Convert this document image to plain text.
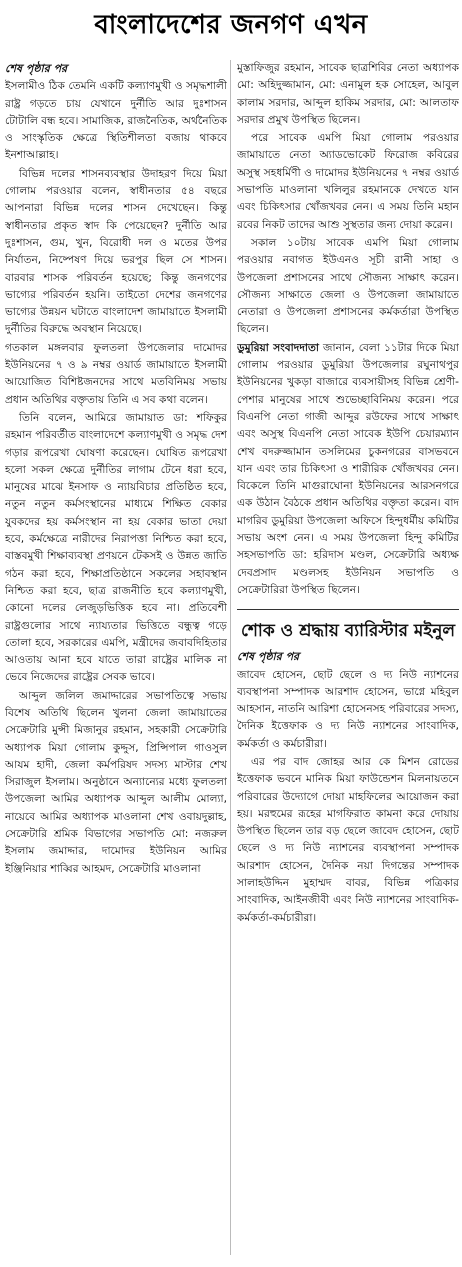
বাংলাদেশের জনগণ এখন
শেষ পৃষ্ঠার পর

ইসলামীও ঠিক তেমনি একটি কল্যাণমুখী ও সমৃদ্ধশালী রাষ্ট্র গড়তে চায় যেখানে দুর্নীতি আর দুঃশাসন টোটালি বন্ধ হবে। সামাজিক, রাজনৈতিক, অর্থনৈতিক ও সাংস্কৃতিক ক্ষেত্রে স্থিতিশীলতা বজায় থাকবে ইনশাআল্লাহ।

বিভিন্ন দলের শাসনব্যবস্থার উদাহরণ দিয়ে মিয়া গোলাম পরওয়ার বলেন, স্বাধীনতার ৫৪ বছরে আপনারা বিভিন্ন দলের শাসন দেখেছেন। কিন্তু স্বাধীনতার প্রকৃত স্বাদ কি পেয়েছেন? দুর্নীতি আর দুঃশাসন, গুম, খুন, বিরোধী দল ও মতের উপর নির্যাতন, নিষ্পেষণ দিয়ে ভরপুর ছিল সে শাসন। বারবার শাসক পরিবর্তন হয়েছে; কিন্তু জনগণের ভাগ্যের পরিবর্তন হয়নি। তাইতো দেশের জনগণের ভাগ্যের উন্নয়ন ঘটাতে বাংলাদেশ জামায়াতে ইসলামী দুর্নীতির বিরুদ্ধে অবস্থান নিয়েছে।

গতকাল মঙ্গলবার ফুলতলা উপজেলার দামোদর ইউনিয়নের ৭ ও ৯ নম্বর ওয়ার্ড জামায়াতে ইসলামী আয়োজিত বিশিষ্টজনদের সাথে মতবিনিময় সভায় প্রধান অতিথির বক্তৃতায় তিনি এ সব কথা বলেন।

তিনি বলেন, আমিরে জামায়াত ডা: শফিকুর রহমান পরিবর্তীত বাংলাদেশে কল্যাণমুখী ও সমৃদ্ধ দেশ গড়ার রূপরেখা ঘোষণা করেছেন। ঘোষিত রূপরেখা হলো সকল ক্ষেত্রে দুর্নীতির লাগাম টেনে ধরা হবে, মানুষের মাঝে ইনসাফ ও ন্যায়বিচার প্রতিষ্ঠিত হবে, নতুন নতুন কর্মসংস্থানের মাধ্যমে শিক্ষিত বেকার যুবকদের হয় কর্মসংস্থান না হয় বেকার ভাতা দেয়া হবে, কর্মক্ষেত্রে নারীদের নিরাপত্তা নিশ্চিত করা হবে, বাস্তবমুখী শিক্ষাব্যবস্থা প্রণয়নে টেকসই ও উন্নত জাতি গঠন করা হবে, শিক্ষাপ্রতিষ্ঠানে সকলের সহাবস্থান নিশ্চিত করা হবে, ছাত্র রাজনীতি হবে কল্যাণমুখী, কোনো দলের লেজুড়ভিত্তিক হবে না। প্রতিবেশী রাষ্ট্রগুলোর সাথে ন্যায্যতার ভিত্তিতে বন্ধুত্ব গড়ে তোলা হবে, সরকারের এমপি, মন্ত্রীদের জবাবদিহিতার আওতায় আনা হবে যাতে তারা রাষ্ট্রের মালিক না ভেবে নিজেদের রাষ্ট্রের সেবক ভাবে।

আব্দুল জলিল জমাদ্দারের সভাপতিত্বে সভায় বিশেষ অতিথি ছিলেন খুলনা জেলা জামায়াতের সেক্রেটারি মুন্সী মিজানুর রহমান, সহকারী সেক্রেটারি অধ্যাপক মিয়া গোলাম কুদ্দুস, প্রিন্সিপাল গাওসুল আযম হাদী, জেলা কর্মপরিষদ সদস্য মাস্টার শেখ সিরাজুল ইসলাম। অনুষ্ঠানে অন্যান্যের মধ্যে ফুলতলা উপজেলা আমির অধ্যাপক আব্দুল আলীম মোল্যা, নায়েবে আমির অধ্যাপক মাওলানা শেখ ওবায়দুল্লাহ, সেক্রেটারি শ্রমিক বিভাগের সভাপতি মো: নজরুল ইসলাম জমাদ্দার, দামোদর ইউনিয়ন আমির ইঞ্জিনিয়ার শাব্বির আহমদ, সেক্রেটারি মাওলানা

মুস্তাফিজুর রহমান, সাবেক ছাত্রশিবির নেতা অধ্যাপক মো: অহিদুজ্জামান, মো: এনামুল হক সোহেল, আবুল কালাম সরদার, আব্দুল হাকিম সরদার, মো: আলতাফ সরদার প্রমুখ উপস্থিত ছিলেন।

পরে সাবেক এমপি মিয়া গোলাম পরওয়ার জামায়াতে নেতা অ্যাডভোকেট ফিরোজ কবিরের অসুস্থ সহধর্মিণী ও দামোদর ইউনিয়নের ৭ নম্বর ওয়ার্ড সভাপতি মাওলানা খলিলুর রহমানকে দেখতে যান এবং চিকিৎসার খোঁজখবর নেন। এ সময় তিনি মহান রবের নিকট তাদের আশু সুস্থতার জন্য দোয়া করেন।

সকাল ১০টায় সাবেক এমপি মিয়া গোলাম পরওয়ার নবাগত ইউএনও সূচী রানী সাহা ও উপজেলা প্রশাসনের সাথে সৌজন্য সাক্ষাৎ করেন। সৌজন্য সাক্ষাতে জেলা ও উপজেলা জামায়াতে নেতারা ও উপজেলা প্রশাসনের কর্মকর্তারা উপস্থিত ছিলেন।

ডুমুরিয়া সংবাদদাতা জানান, বেলা ১১টার দিকে মিয়া গোলাম পরওয়ার ডুমুরিয়া উপজেলার রঘুনাথপুর ইউনিয়নের খুকড়া বাজারে ব্যবসায়ীসহ বিভিন্ন শ্রেণী-পেশার মানুষের সাথে শুভেচ্ছাবিনিময় করেন। পরে বিএনপি নেতা গাজী আব্দুর রউফের সাথে সাক্ষাৎ এবং অসুস্থ বিএনপি নেতা সাবেক ইউপি চেয়ারম্যান শেখ বদরুজ্জামান তসলিমের চুকনগরের বাসভবনে যান এবং তার চিকিৎসা ও শারীরিক খোঁজখবর নেন। বিকেলে তিনি মাগুরাঘোনা ইউনিয়নের আরসনগরে এক উঠান বৈঠকে প্রধান অতিথির বক্তৃতা করেন। বাদ মাগরিব ডুমুরিয়া উপজেলা অফিসে হিন্দুধর্মীয় কমিটির সভায় অংশ নেন। এ সময় উপজেলা হিন্দু কমিটির সহসভাপতি ডা: হরিদাস মণ্ডল, সেক্রেটারি অধ্যক্ষ দেবপ্রসাদ মণ্ডলসহ ইউনিয়ন সভাপতি ও সেক্রেটারিরা উপস্থিত ছিলেন।

শোক ও শ্রদ্ধায় ব্যারিস্টার মইনুল
শেষ পৃষ্ঠার পর

জাবেদ হোসেন, ছোট ছেলে ও দ্য নিউ ন্যাশনের ব্যবস্থাপনা সম্পাদক আরশাদ হোসেন, ভাগ্নে মহিবুল আহসান, নাতনি আরিশা হোসেনসহ পরিবারের সদস্য, দৈনিক ইত্তেফাক ও দ্য নিউ ন্যাশনের সাংবাদিক, কর্মকর্তা ও কর্মচারীরা।

এর পর বাদ জোহর আর কে মিশন রোডের ইত্তেফাক ভবনে মানিক মিয়া ফাউন্ডেশন মিলনায়তনে পরিবারের উদ্যোগে দোয়া মাহফিলের আয়োজন করা হয়। মরহুমের রূহের মাগফিরাত কামনা করে দোয়ায় উপস্থিত ছিলেন তার বড় ছেলে জাবেদ হোসেন, ছোট ছেলে ও দ্য নিউ ন্যাশনের ব্যবস্থাপনা সম্পাদক আরশাদ হোসেন, দৈনিক নয়া দিগন্তের সম্পাদক সালাহউদ্দিন মুহাম্মদ বাবর, বিভিন্ন পত্রিকার সাংবাদিক, আইনজীবী এবং নিউ ন্যাশনের সাংবাদিক-কর্মকর্তা-কর্মচারীরা।
